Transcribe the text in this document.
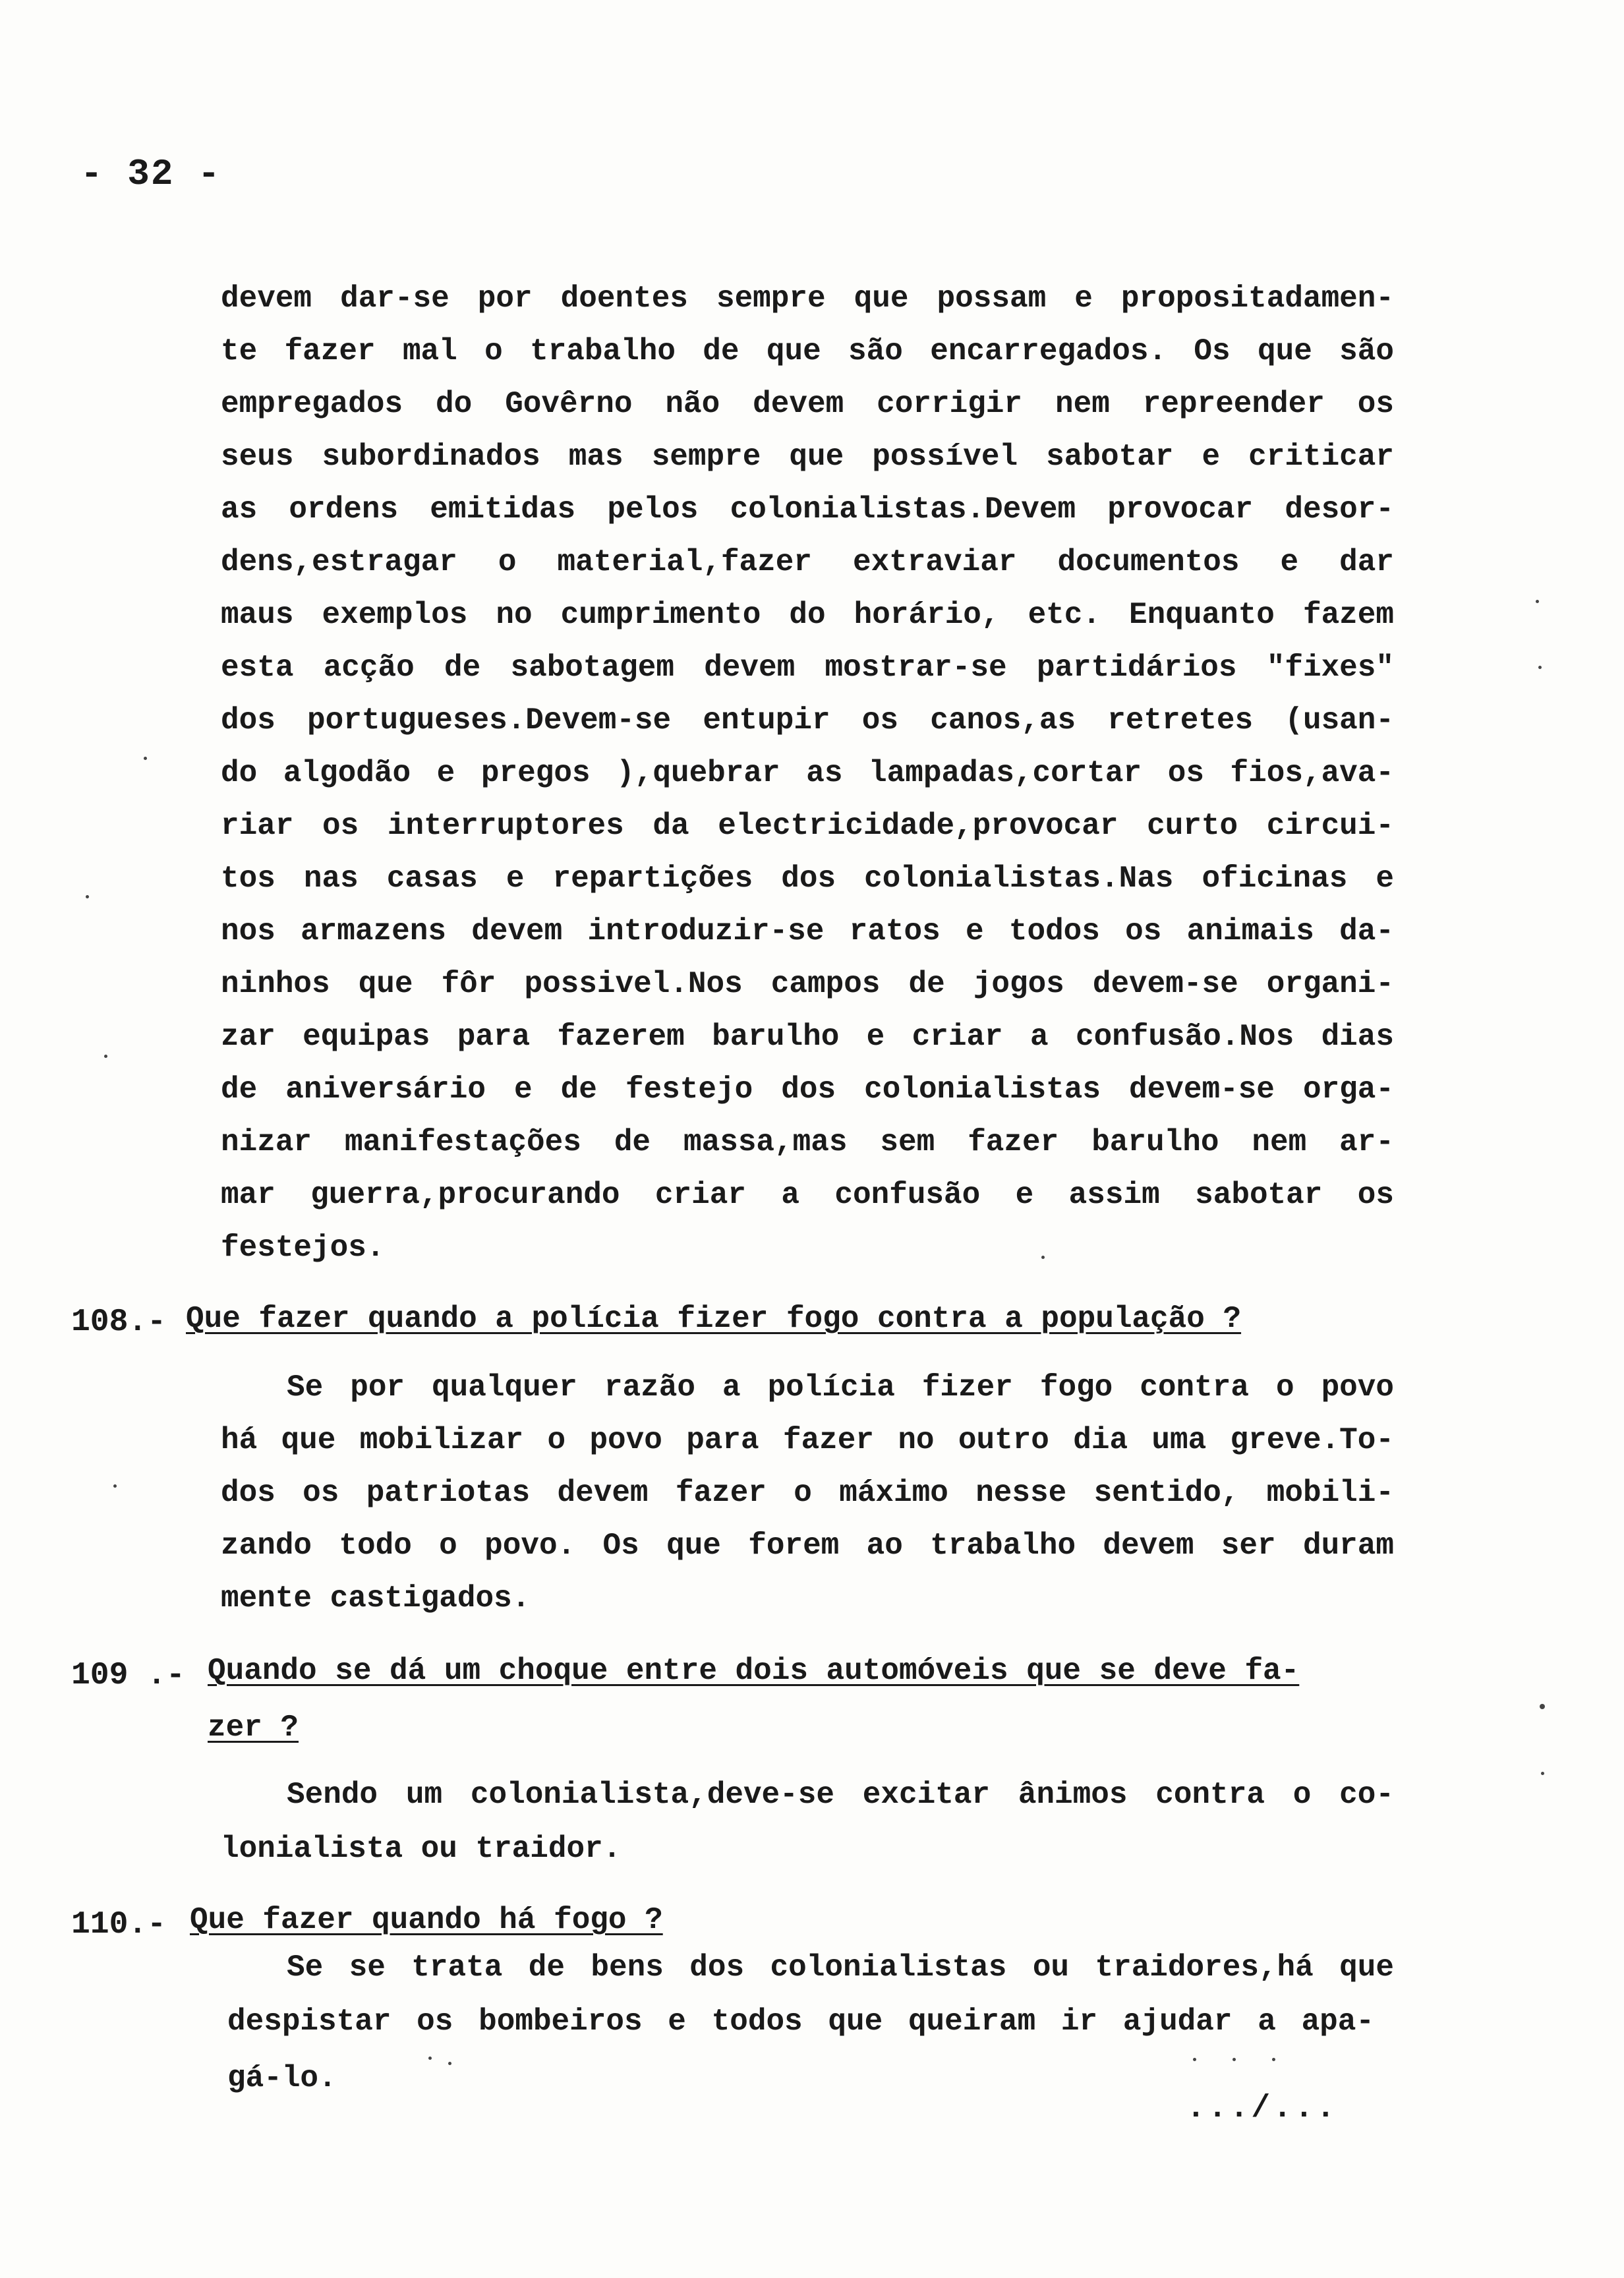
- 32 -
devem dar-se por doentes sempre que possam e propositadamen-
te fazer mal o trabalho de que são encarregados. Os que são
empregados do Govêrno não devem corrigir nem repreender os
seus subordinados mas sempre que possível sabotar e criticar
as ordens emitidas pelos colonialistas.Devem provocar desor-
dens,estragar o material,fazer extraviar documentos e dar
maus exemplos no cumprimento do horário, etc. Enquanto fazem
esta acção de sabotagem devem mostrar-se partidários "fixes"
dos portugueses.Devem-se entupir os canos,as retretes (usan-
do algodão e pregos ),quebrar as lampadas,cortar os fios,ava-
riar os interruptores da electricidade,provocar curto circui-
tos nas casas e repartições dos colonialistas.Nas oficinas e
nos armazens devem introduzir-se ratos e todos os animais da-
ninhos que fôr possivel.Nos campos de jogos devem-se organi-
zar equipas para fazerem barulho e criar a confusão.Nos dias
de aniversário e de festejo dos colonialistas devem-se orga-
nizar manifestações de massa,mas sem fazer barulho nem ar-
mar guerra,procurando criar a confusão e assim sabotar os
festejos.
108.- Que fazer quando a polícia fizer fogo contra a população ?
Se por qualquer razão a polícia fizer fogo contra o povo
há que mobilizar o povo para fazer no outro dia uma greve.To-
dos os patriotas devem fazer o máximo nesse sentido, mobili-
zando todo o povo. Os que forem ao trabalho devem ser duram
mente castigados.
109 .- Quando se dá um choque entre dois automóveis que se deve fa-
zer ?
Sendo um colonialista,deve-se excitar ânimos contra o co-
lonialista ou traidor.
110.- Que fazer quando há fogo ?
Se se trata de bens dos colonialistas ou traidores,há que
despistar os bombeiros e todos que queiram ir ajudar a apa-
gá-lo.
.../...
